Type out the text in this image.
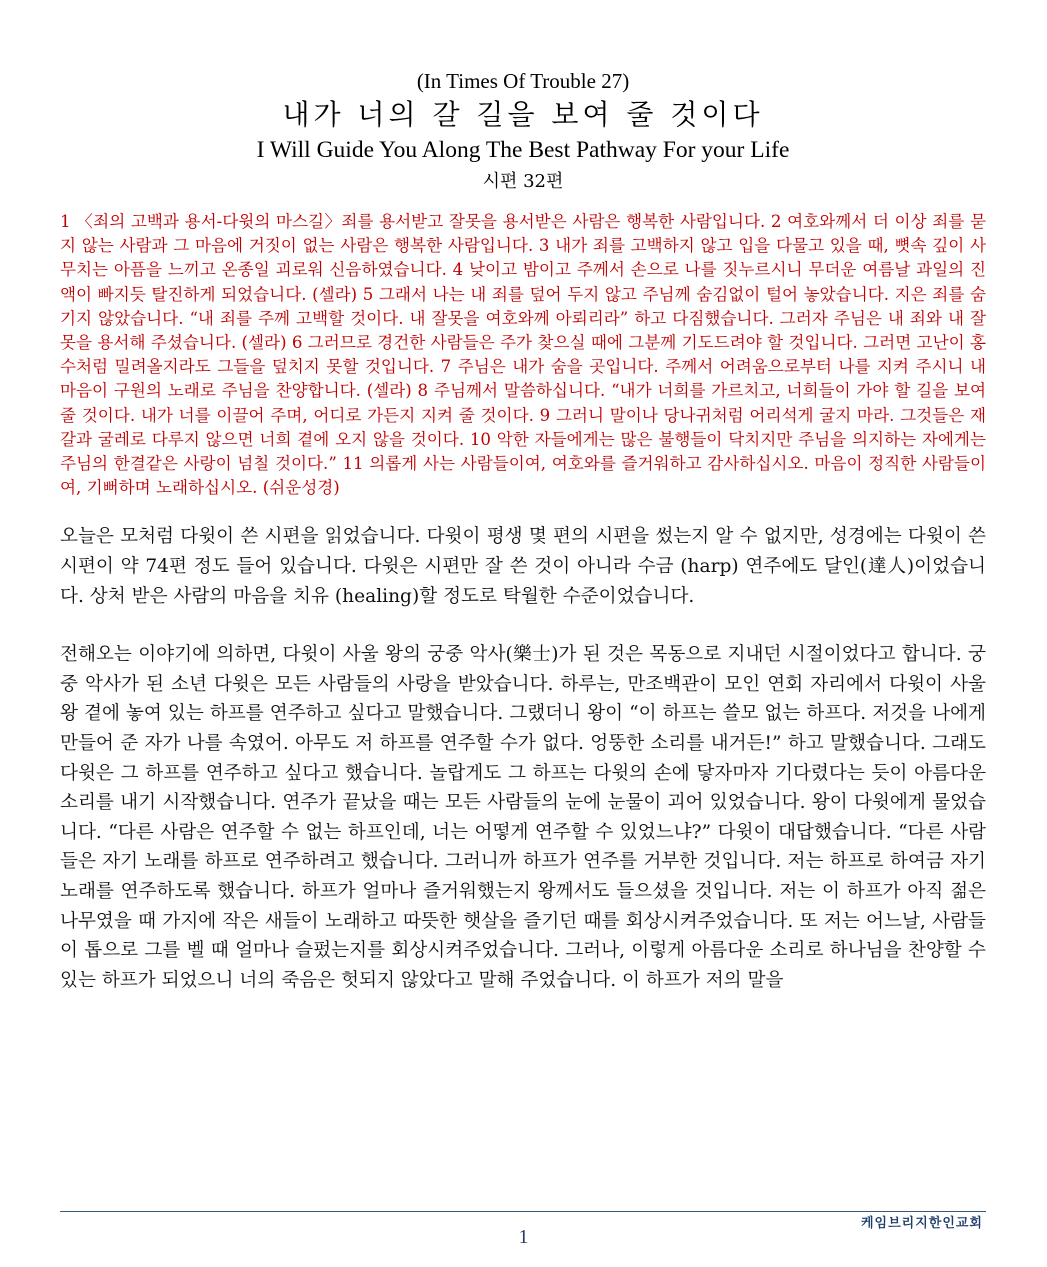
(In Times Of Trouble 27)
내가 너의 갈 길을 보여 줄 것이다
I Will Guide You Along The Best Pathway For your Life
시편 32편
1 〈죄의 고백과 용서-다윗의 마스길〉죄를 용서받고 잘못을 용서받은 사람은 행복한 사람입니다. 2 여호와께서 더 이상 죄를 묻지 않는 사람과 그 마음에 거짓이 없는 사람은 행복한 사람입니다. 3 내가 죄를 고백하지 않고 입을 다물고 있을 때, 뼛속 깊이 사무치는 아픔을 느끼고 온종일 괴로워 신음하였습니다. 4 낮이고 밤이고 주께서 손으로 나를 짓누르시니 무더운 여름날 과일의 진액이 빠지듯 탈진하게 되었습니다. (셀라) 5 그래서 나는 내 죄를 덮어 두지 않고 주님께 숨김없이 털어 놓았습니다. 지은 죄를 숨기지 않았습니다. “내 죄를 주께 고백할 것이다. 내 잘못을 여호와께 아뢰리라” 하고 다짐했습니다. 그러자 주님은 내 죄와 내 잘못을 용서해 주셨습니다. (셀라) 6 그러므로 경건한 사람들은 주가 찾으실 때에 그분께 기도드려야 할 것입니다. 그러면 고난이 홍수처럼 밀려올지라도 그들을 덮치지 못할 것입니다. 7 주님은 내가 숨을 곳입니다. 주께서 어려움으로부터 나를 지켜 주시니 내 마음이 구원의 노래로 주님을 찬양합니다. (셀라) 8 주님께서 말씀하십니다. “내가 너희를 가르치고, 너희들이 가야 할 길을 보여 줄 것이다. 내가 너를 이끌어 주며, 어디로 가든지 지켜 줄 것이다. 9 그러니 말이나 당나귀처럼 어리석게 굴지 마라. 그것들은 재갈과 굴레로 다루지 않으면 너희 곁에 오지 않을 것이다. 10 악한 자들에게는 많은 불행들이 닥치지만 주님을 의지하는 자에게는 주님의 한결같은 사랑이 넘칠 것이다.” 11 의롭게 사는 사람들이여, 여호와를 즐거워하고 감사하십시오. 마음이 정직한 사람들이여, 기뻐하며 노래하십시오. (쉬운성경)

오늘은 모처럼 다윗이 쓴 시편을 읽었습니다. 다윗이 평생 몇 편의 시편을 썼는지 알 수 없지만, 성경에는 다윗이 쓴 시편이 약 74편 정도 들어 있습니다. 다윗은 시편만 잘 쓴 것이 아니라 수금 (harp) 연주에도 달인(達人)이었습니다. 상처 받은 사람의 마음을 치유 (healing)할 정도로 탁월한 수준이었습니다.

전해오는 이야기에 의하면, 다윗이 사울 왕의 궁중 악사(樂士)가 된 것은 목동으로 지내던 시절이었다고 합니다. 궁중 악사가 된 소년 다윗은 모든 사람들의 사랑을 받았습니다. 하루는, 만조백관이 모인 연회 자리에서 다윗이 사울 왕 곁에 놓여 있는 하프를 연주하고 싶다고 말했습니다. 그랬더니 왕이 “이 하프는 쓸모 없는 하프다. 저것을 나에게 만들어 준 자가 나를 속였어. 아무도 저 하프를 연주할 수가 없다. 엉뚱한 소리를 내거든!” 하고 말했습니다. 그래도 다윗은 그 하프를 연주하고 싶다고 했습니다. 놀랍게도 그 하프는 다윗의 손에 닿자마자 기다렸다는 듯이 아름다운 소리를 내기 시작했습니다. 연주가 끝났을 때는 모든 사람들의 눈에 눈물이 괴어 있었습니다. 왕이 다윗에게 물었습니다. “다른 사람은 연주할 수 없는 하프인데, 너는 어떻게 연주할 수 있었느냐?” 다윗이 대답했습니다. “다른 사람들은 자기 노래를 하프로 연주하려고 했습니다. 그러니까 하프가 연주를 거부한 것입니다. 저는 하프로 하여금 자기 노래를 연주하도록 했습니다. 하프가 얼마나 즐거워했는지 왕께서도 들으셨을 것입니다. 저는 이 하프가 아직 젊은 나무였을 때 가지에 작은 새들이 노래하고 따뜻한 햇살을 즐기던 때를 회상시켜주었습니다. 또 저는 어느날, 사람들이 톱으로 그를 벨 때 얼마나 슬펐는지를 회상시켜주었습니다. 그러나, 이렇게 아름다운 소리로 하나님을 찬양할 수 있는 하프가 되었으니 너의 죽음은 헛되지 않았다고 말해 주었습니다. 이 하프가 저의 말을

1
케임브리지한인교회
